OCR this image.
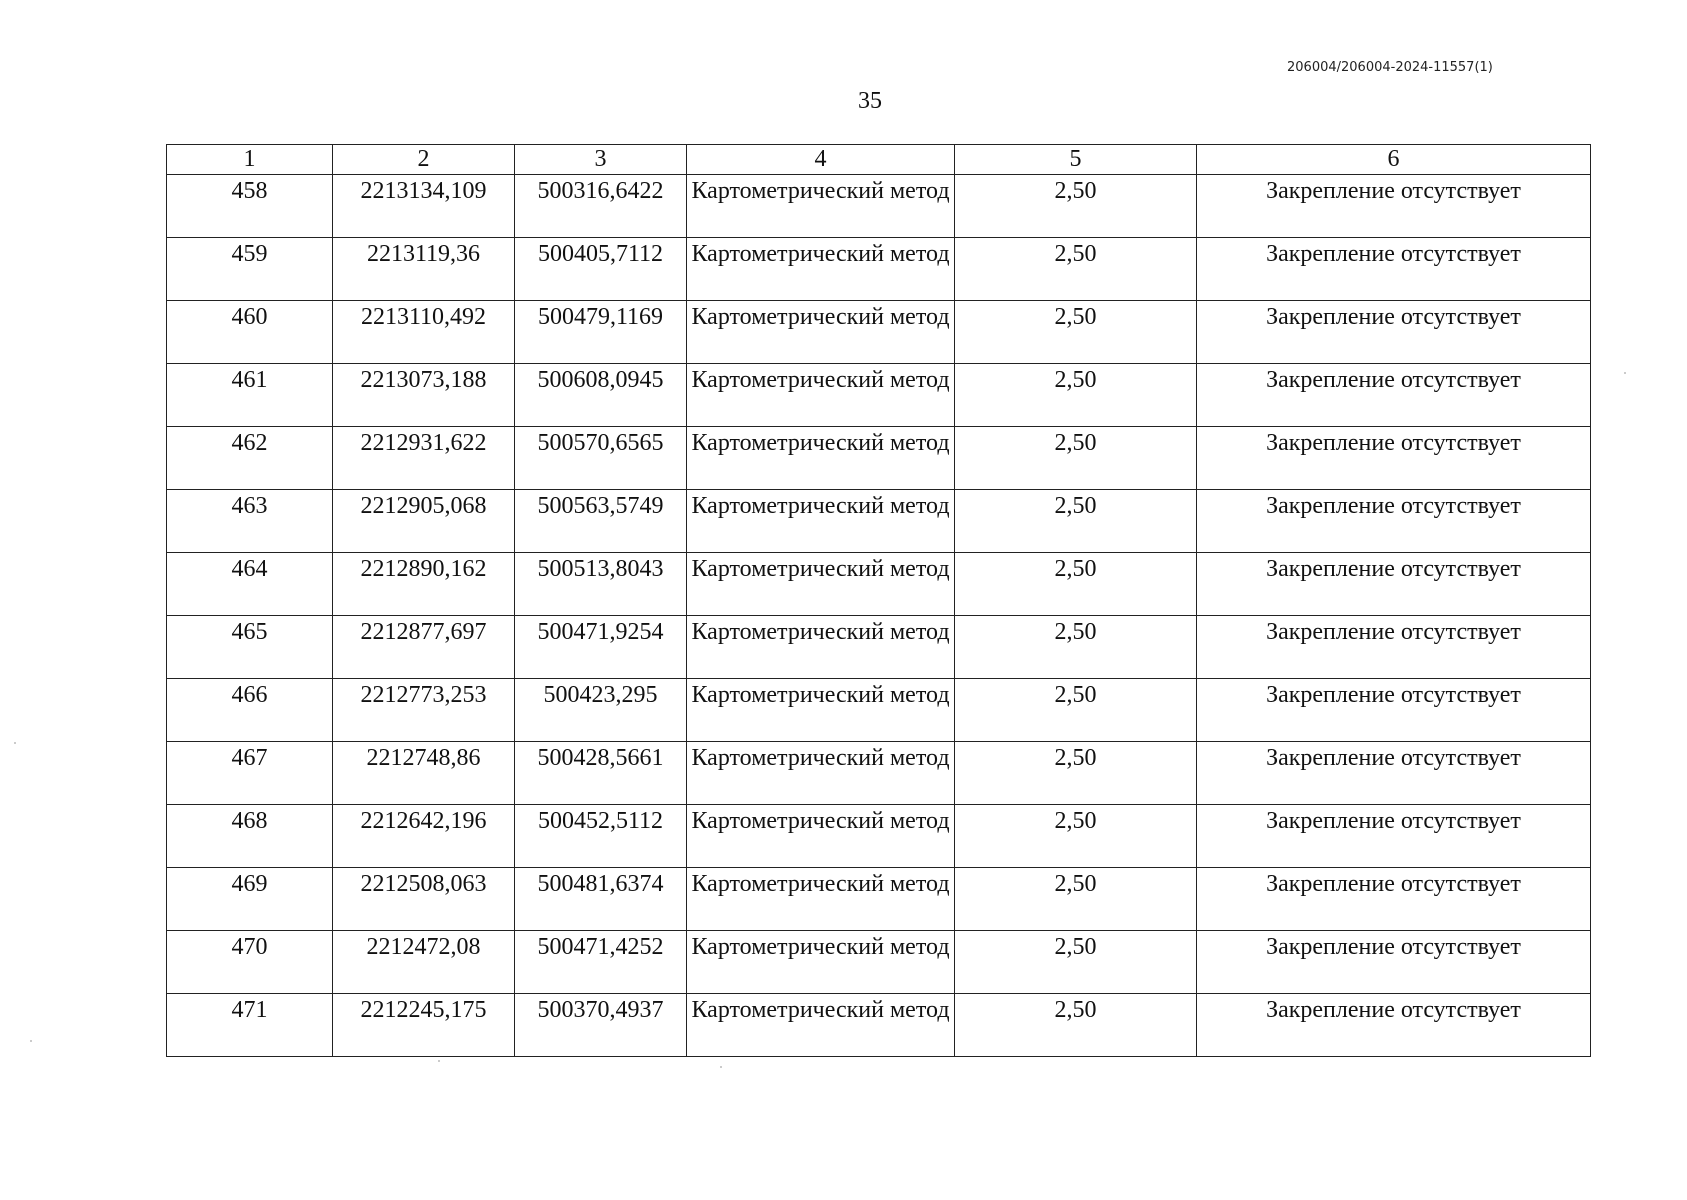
206004/206004-2024-11557(1)
35
1	2	3	4	5	6
458	2213134,109	500316,6422	Картометрический метод	2,50	Закрепление отсутствует
459	2213119,36	500405,7112	Картометрический метод	2,50	Закрепление отсутствует
460	2213110,492	500479,1169	Картометрический метод	2,50	Закрепление отсутствует
461	2213073,188	500608,0945	Картометрический метод	2,50	Закрепление отсутствует
462	2212931,622	500570,6565	Картометрический метод	2,50	Закрепление отсутствует
463	2212905,068	500563,5749	Картометрический метод	2,50	Закрепление отсутствует
464	2212890,162	500513,8043	Картометрический метод	2,50	Закрепление отсутствует
465	2212877,697	500471,9254	Картометрический метод	2,50	Закрепление отсутствует
466	2212773,253	500423,295	Картометрический метод	2,50	Закрепление отсутствует
467	2212748,86	500428,5661	Картометрический метод	2,50	Закрепление отсутствует
468	2212642,196	500452,5112	Картометрический метод	2,50	Закрепление отсутствует
469	2212508,063	500481,6374	Картометрический метод	2,50	Закрепление отсутствует
470	2212472,08	500471,4252	Картометрический метод	2,50	Закрепление отсутствует
471	2212245,175	500370,4937	Картометрический метод	2,50	Закрепление отсутствует
